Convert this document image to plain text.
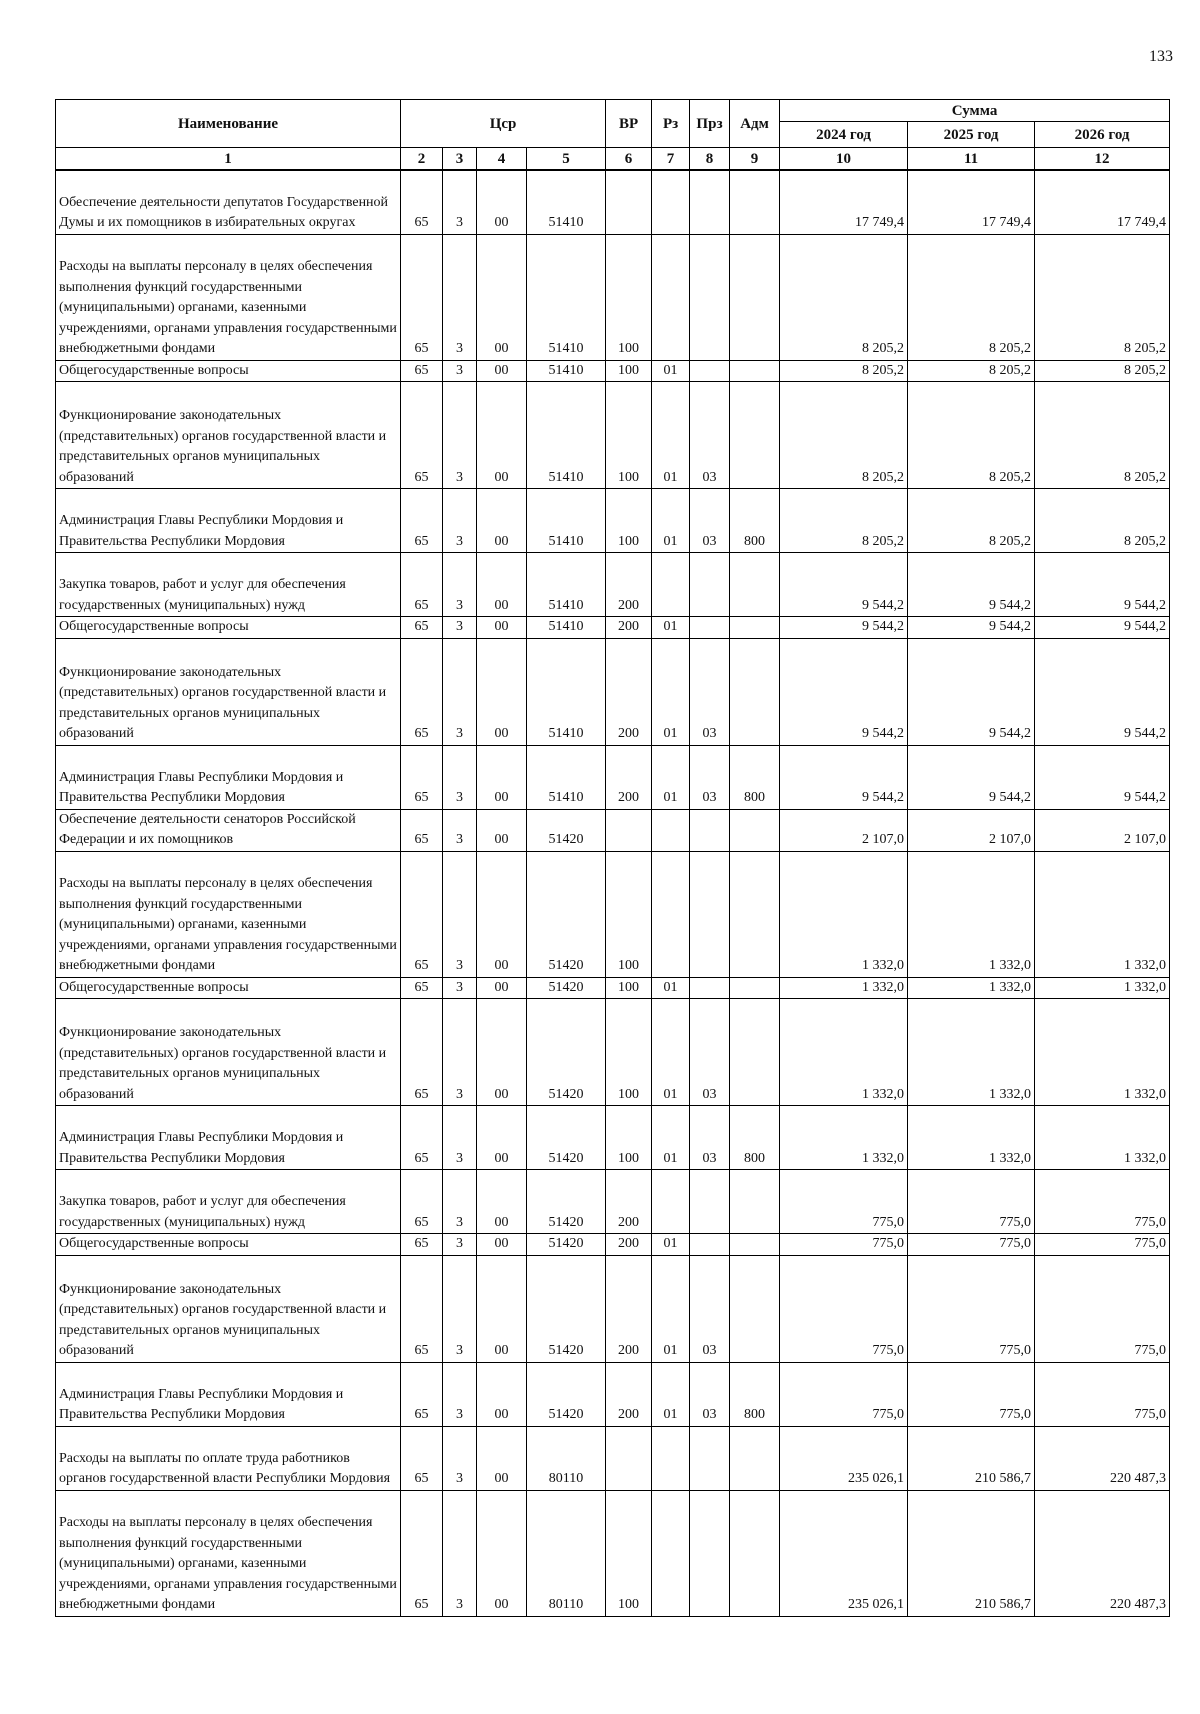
133
Наименование	Цср				ВР	Рз	Прз	Адм	Сумма		
									2024 год	2025 год	2026 год
1	2	3	4	5	6	7	8	9	10	11	12
Обеспечение деятельности депутатов Государственной Думы и их помощников в избирательных округах	65	3	00	51410					17 749,4	17 749,4	17 749,4
Расходы на выплаты персоналу в целях обеспечения выполнения функций государственными (муниципальными) органами, казенными учреждениями, органами управления государственными внебюджетными фондами	65	3	00	51410	100				8 205,2	8 205,2	8 205,2
Общегосударственные вопросы	65	3	00	51410	100	01			8 205,2	8 205,2	8 205,2
Функционирование законодательных (представительных) органов государственной власти и представительных органов муниципальных образований	65	3	00	51410	100	01	03		8 205,2	8 205,2	8 205,2
Администрация Главы Республики Мордовия и Правительства Республики Мордовия	65	3	00	51410	100	01	03	800	8 205,2	8 205,2	8 205,2
Закупка товаров, работ и услуг для обеспечения государственных (муниципальных) нужд	65	3	00	51410	200				9 544,2	9 544,2	9 544,2
Общегосударственные вопросы	65	3	00	51410	200	01			9 544,2	9 544,2	9 544,2
Функционирование законодательных (представительных) органов государственной власти и представительных органов муниципальных образований	65	3	00	51410	200	01	03		9 544,2	9 544,2	9 544,2
Администрация Главы Республики Мордовия и Правительства Республики Мордовия	65	3	00	51410	200	01	03	800	9 544,2	9 544,2	9 544,2
Обеспечение деятельности сенаторов Российской Федерации и их помощников	65	3	00	51420					2 107,0	2 107,0	2 107,0
Расходы на выплаты персоналу в целях обеспечения выполнения функций государственными (муниципальными) органами, казенными учреждениями, органами управления государственными внебюджетными фондами	65	3	00	51420	100				1 332,0	1 332,0	1 332,0
Общегосударственные вопросы	65	3	00	51420	100	01			1 332,0	1 332,0	1 332,0
Функционирование законодательных (представительных) органов государственной власти и представительных органов муниципальных образований	65	3	00	51420	100	01	03		1 332,0	1 332,0	1 332,0
Администрация Главы Республики Мордовия и Правительства Республики Мордовия	65	3	00	51420	100	01	03	800	1 332,0	1 332,0	1 332,0
Закупка товаров, работ и услуг для обеспечения государственных (муниципальных) нужд	65	3	00	51420	200				775,0	775,0	775,0
Общегосударственные вопросы	65	3	00	51420	200	01			775,0	775,0	775,0
Функционирование законодательных (представительных) органов государственной власти и представительных органов муниципальных образований	65	3	00	51420	200	01	03		775,0	775,0	775,0
Администрация Главы Республики Мордовия и Правительства Республики Мордовия	65	3	00	51420	200	01	03	800	775,0	775,0	775,0
Расходы на выплаты по оплате труда работников органов государственной власти Республики Мордовия	65	3	00	80110					235 026,1	210 586,7	220 487,3
Расходы на выплаты персоналу в целях обеспечения выполнения функций государственными (муниципальными) органами, казенными учреждениями, органами управления государственными внебюджетными фондами	65	3	00	80110	100				235 026,1	210 586,7	220 487,3
